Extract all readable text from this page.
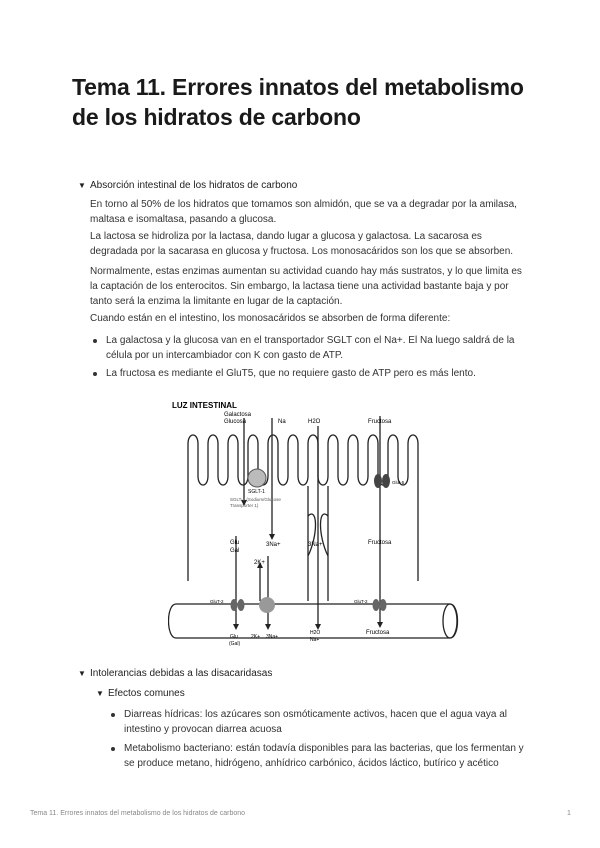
Tema 11. Errores innatos del metabolismo de los hidratos de carbono
▼ Absorción intestinal de los hidratos de carbono
En torno al 50% de los hidratos que tomamos son almidón, que se va a degradar por la amilasa, maltasa e isomaltasa, pasando a glucosa.
La lactosa se hidroliza por la lactasa, dando lugar a glucosa y galactosa. La sacarosa es degradada por la sacarasa en glucosa y fructosa. Los monosacáridos son los que se absorben.
Normalmente, estas enzimas aumentan su actividad cuando hay más sustratos, y lo que limita es la captación de los enterocitos. Sin embargo, la lactasa tiene una actividad bastante baja y por tanto será la enzima la limitante en lugar de la captación.
Cuando están en el intestino, los monosacáridos se absorben de forma diferente:
La galactosa y la glucosa van en el transportador SGLT con el Na+. El Na luego saldrá de la célula por un intercambiador con K con gasto de ATP.
La fructosa es mediante el GluT5, que no requiere gasto de ATP pero es más lento.
LUZ INTESTINAL
Galactosa
Glucosa	Na	H2O	Fructosa
SGLT-1
SGLT-1 (Sodium/Glucose
Transporter 1)
Glut-5
Glu
Gal
3Na+	3Na+
2K+
Fructosa
GluT-2	GluT-2
Glu
(Gal)
2K+ 3Na+
H2O
Na+
Fructosa
▼ Intolerancias debidas a las disacaridasas
▼ Efectos comunes
Diarreas hídricas: los azúcares son osmóticamente activos, hacen que el agua vaya al intestino y provocan diarrea acuosa
Metabolismo bacteriano: están todavía disponibles para las bacterias, que los fermentan y se produce metano, hidrógeno, anhídrico carbónico, ácidos láctico, butírico y acético
Tema 11. Errores innatos del metabolismo de los hidratos de carbono	1
